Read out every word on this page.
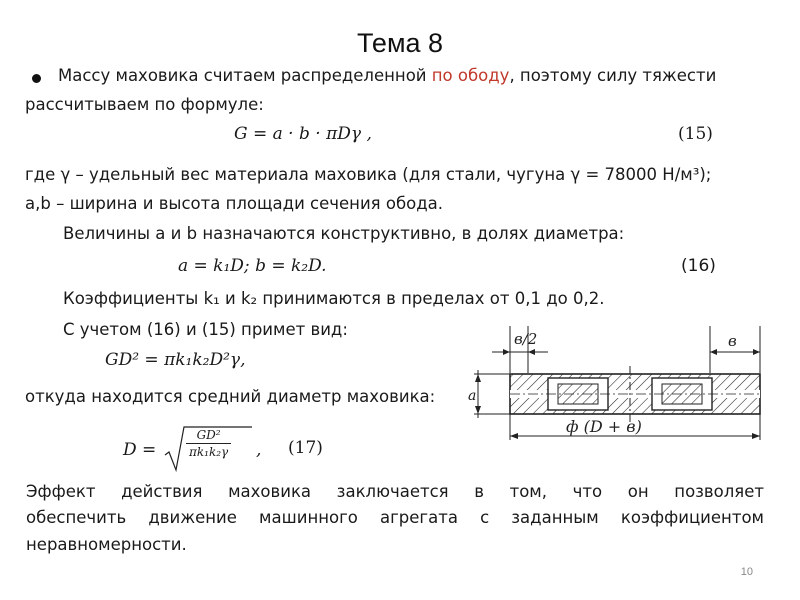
Тема 8
Массу маховика считаем распределенной по ободу, поэтому силу тяжести
рассчитываем по формуле:
G = a · b · πDγ ,	(15)
где γ – удельный вес материала маховика (для стали, чугуна γ = 78000 Н/м³);
a,b – ширина и высота площади сечения обода.
Величины a и b назначаются конструктивно, в долях диаметра:
a = k₁D; b = k₂D.	(16)
Коэффициенты k₁ и k₂ принимаются в пределах от 0,1 до 0,2.
С учетом (16) и (15) примет вид:
GD² = πk₁k₂D²γ,
откуда находится средний диаметр маховика:
$D = \frac{\text{GD²}}{\text{πk₁k₂γ}}$ , (17)
Эффект действия маховика заключается в том, что он позволяет
обеспечить движение машинного агрегата с заданным коэффициентом
неравномерности.
в/2	в
a
ф (D + в)
10
